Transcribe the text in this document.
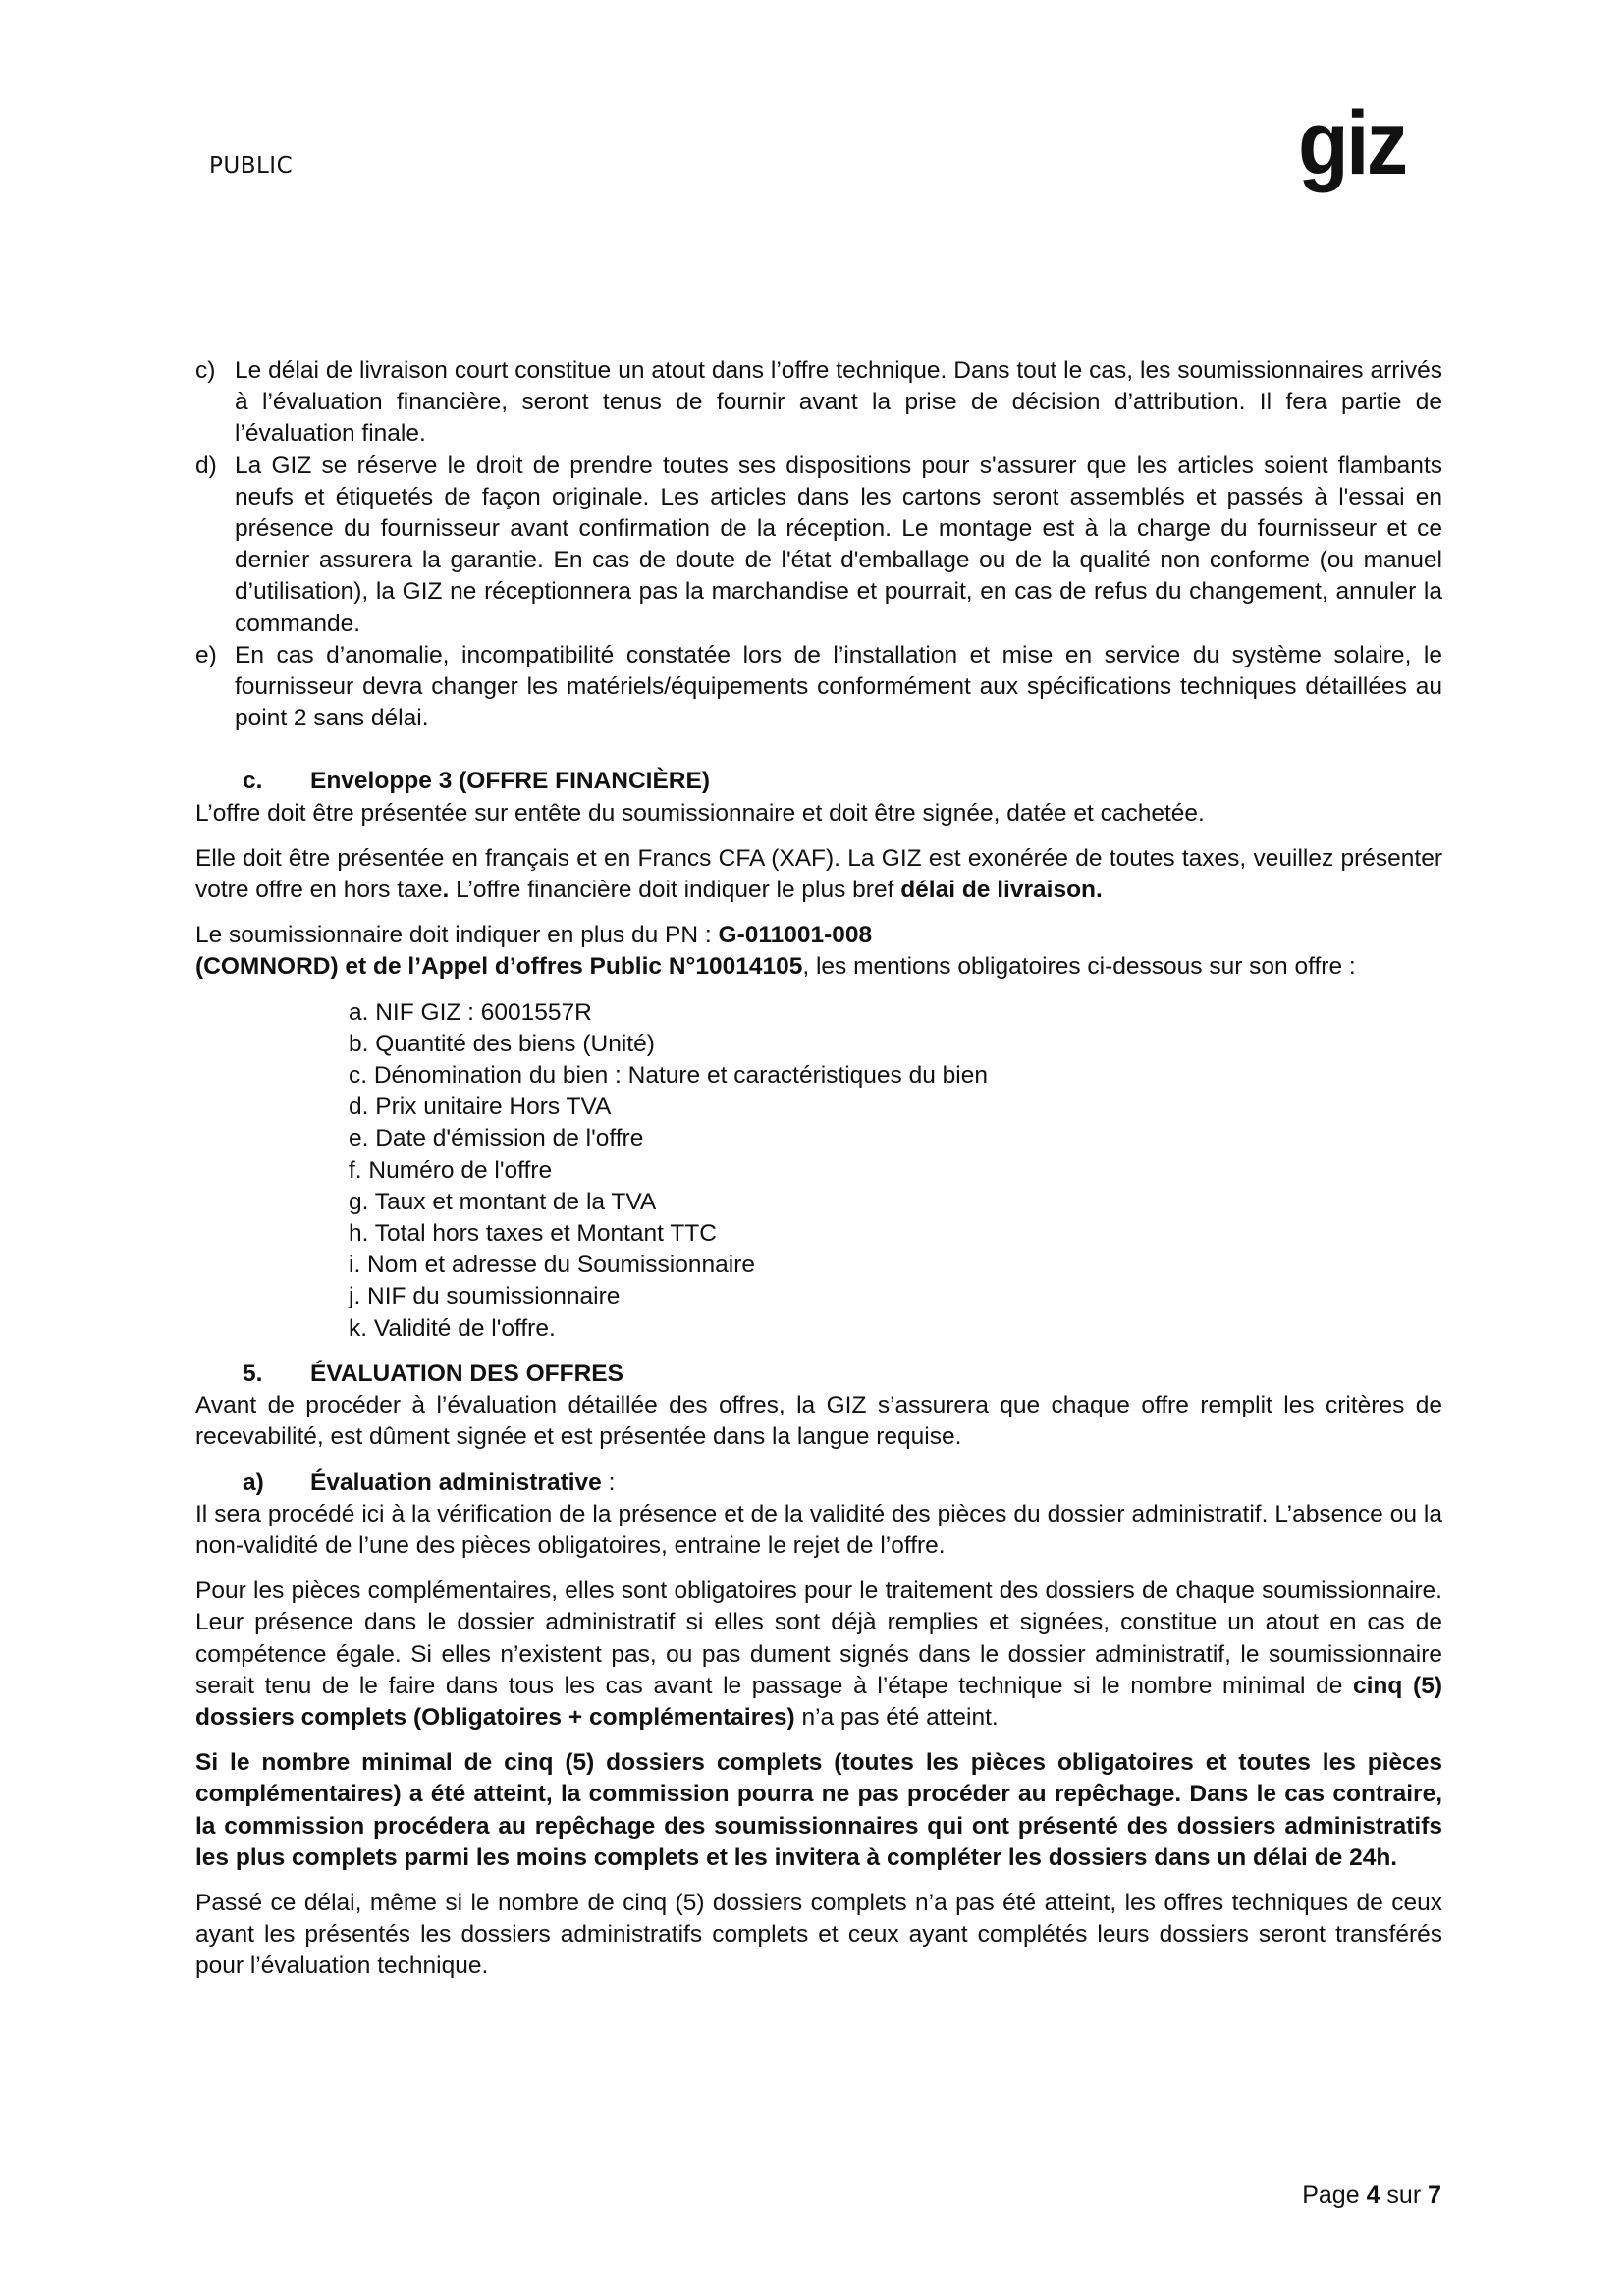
PUBLIC	giz
c) Le délai de livraison court constitue un atout dans l’offre technique. Dans tout le cas, les soumissionnaires arrivés à l’évaluation financière, seront tenus de fournir avant la prise de décision d’attribution. Il fera partie de l’évaluation finale.
d) La GIZ se réserve le droit de prendre toutes ses dispositions pour s'assurer que les articles soient flambants neufs et étiquetés de façon originale. Les articles dans les cartons seront assemblés et passés à l'essai en présence du fournisseur avant confirmation de la réception. Le montage est à la charge du fournisseur et ce dernier assurera la garantie. En cas de doute de l'état d'emballage ou de la qualité non conforme (ou manuel d’utilisation), la GIZ ne réceptionnera pas la marchandise et pourrait, en cas de refus du changement, annuler la commande.
e) En cas d’anomalie, incompatibilité constatée lors de l’installation et mise en service du système solaire, le fournisseur devra changer les matériels/équipements conformément aux spécifications techniques détaillées au point 2 sans délai.
c. Enveloppe 3 (OFFRE FINANCIÈRE)

L’offre doit être présentée sur entête du soumissionnaire et doit être signée, datée et cachetée.

Elle doit être présentée en français et en Francs CFA (XAF). La GIZ est exonérée de toutes taxes, veuillez présenter votre offre en hors taxe. L’offre financière doit indiquer le plus bref délai de livraison.

Le soumissionnaire doit indiquer en plus du PN : G-011001-008
(COMNORD) et de l’Appel d’offres Public N°10014105, les mentions obligatoires ci-dessous sur son offre :

a. NIF GIZ : 6001557R
b. Quantité des biens (Unité)
c. Dénomination du bien : Nature et caractéristiques du bien
d. Prix unitaire Hors TVA
e. Date d'émission de l'offre
f. Numéro de l'offre
g. Taux et montant de la TVA
h. Total hors taxes et Montant TTC
i. Nom et adresse du Soumissionnaire
j. NIF du soumissionnaire
k. Validité de l'offre.
5. ÉVALUATION DES OFFRES

Avant de procéder à l’évaluation détaillée des offres, la GIZ s’assurera que chaque offre remplit les critères de recevabilité, est dûment signée et est présentée dans la langue requise.

a) Évaluation administrative :

Il sera procédé ici à la vérification de la présence et de la validité des pièces du dossier administratif. L’absence ou la non-validité de l’une des pièces obligatoires, entraine le rejet de l’offre.

Pour les pièces complémentaires, elles sont obligatoires pour le traitement des dossiers de chaque soumissionnaire. Leur présence dans le dossier administratif si elles sont déjà remplies et signées, constitue un atout en cas de compétence égale. Si elles n’existent pas, ou pas dument signés dans le dossier administratif, le soumissionnaire serait tenu de le faire dans tous les cas avant le passage à l’étape technique si le nombre minimal de cinq (5) dossiers complets (Obligatoires + complémentaires) n’a pas été atteint.

Si le nombre minimal de cinq (5) dossiers complets (toutes les pièces obligatoires et toutes les pièces complémentaires) a été atteint, la commission pourra ne pas procéder au repêchage. Dans le cas contraire, la commission procédera au repêchage des soumissionnaires qui ont présenté des dossiers administratifs les plus complets parmi les moins complets et les invitera à compléter les dossiers dans un délai de 24h.

Passé ce délai, même si le nombre de cinq (5) dossiers complets n’a pas été atteint, les offres techniques de ceux ayant les présentés les dossiers administratifs complets et ceux ayant complétés leurs dossiers seront transférés pour l’évaluation technique.

Page 4 sur 7
